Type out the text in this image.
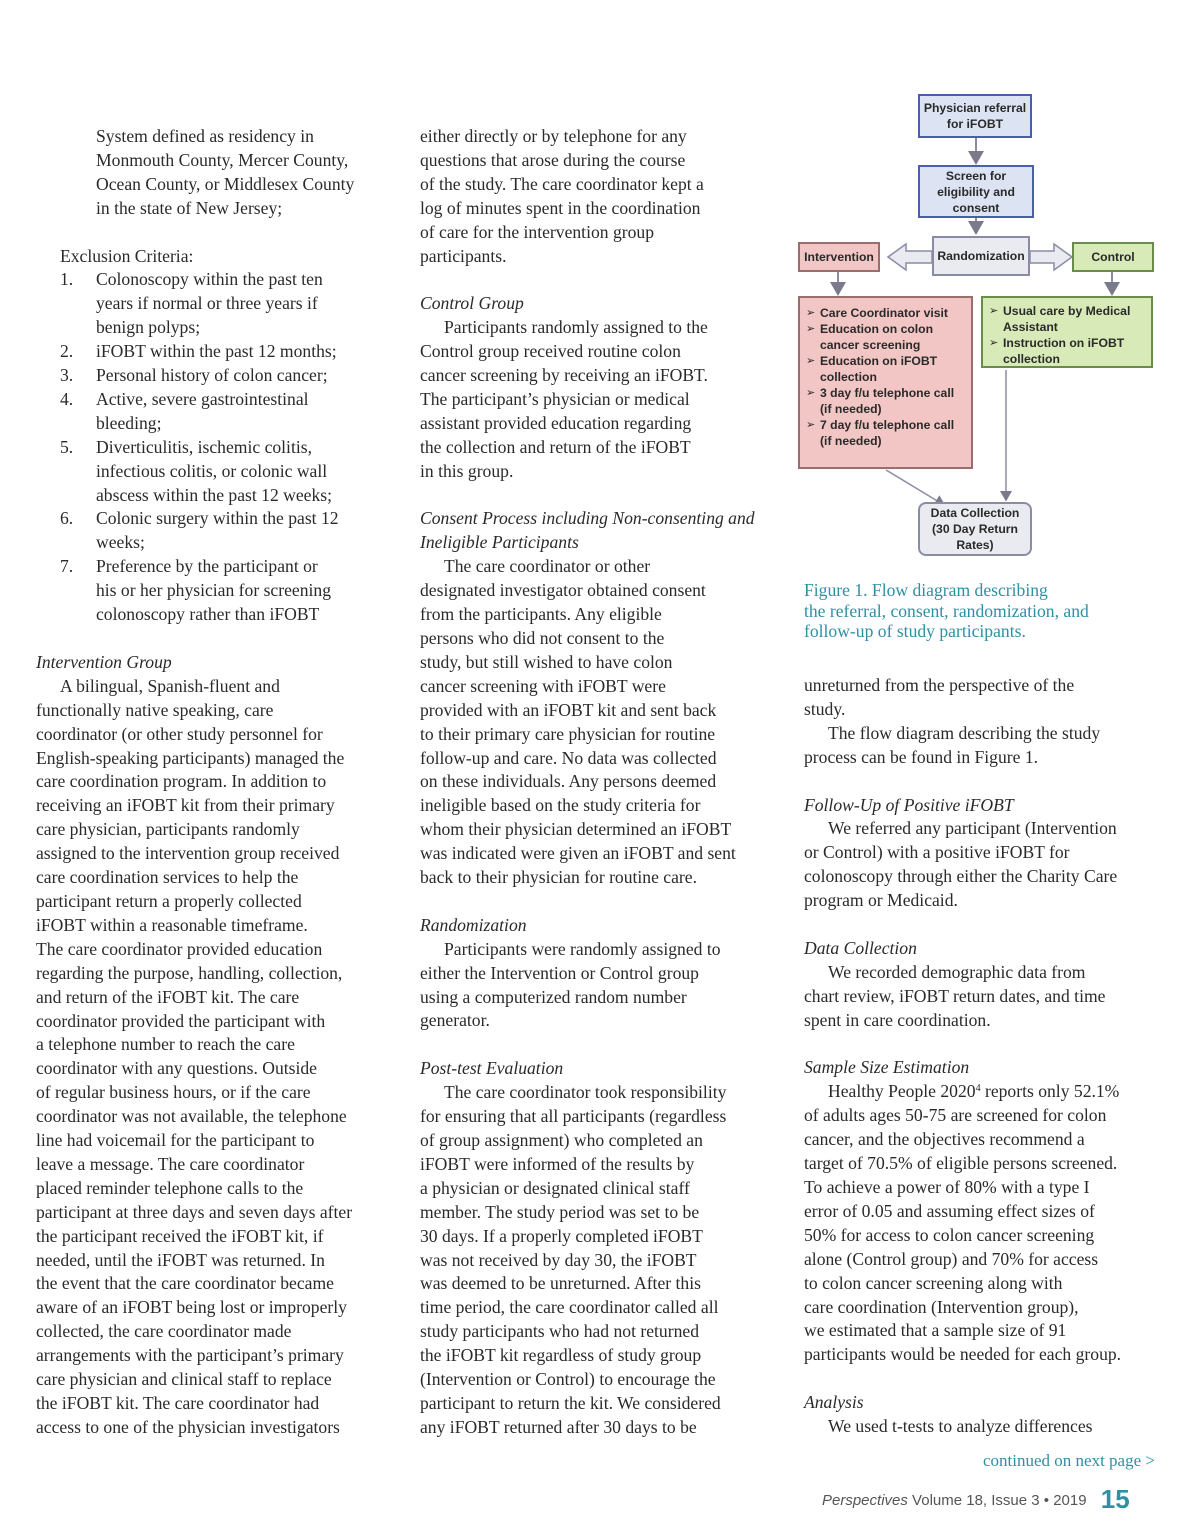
System defined as residency in
Monmouth County, Mercer County,
Ocean County, or Middlesex County
in the state of New Jersey;
Exclusion Criteria:
1. Colonoscopy within the past ten
years if normal or three years if
benign polyps;
2. iFOBT within the past 12 months;
3. Personal history of colon cancer;
4. Active, severe gastrointestinal
bleeding;
5. Diverticulitis, ischemic colitis,
infectious colitis, or colonic wall
abscess within the past 12 weeks;
6. Colonic surgery within the past 12
weeks;
7. Preference by the participant or
his or her physician for screening
colonoscopy rather than iFOBT
Intervention Group
A bilingual, Spanish-fluent and
functionally native speaking, care
coordinator (or other study personnel for
English-speaking participants) managed the
care coordination program. In addition to
receiving an iFOBT kit from their primary
care physician, participants randomly
assigned to the intervention group received
care coordination services to help the
participant return a properly collected
iFOBT within a reasonable timeframe.
The care coordinator provided education
regarding the purpose, handling, collection,
and return of the iFOBT kit. The care
coordinator provided the participant with
a telephone number to reach the care
coordinator with any questions. Outside
of regular business hours, or if the care
coordinator was not available, the telephone
line had voicemail for the participant to
leave a message. The care coordinator
placed reminder telephone calls to the
participant at three days and seven days after
the participant received the iFOBT kit, if
needed, until the iFOBT was returned. In
the event that the care coordinator became
aware of an iFOBT being lost or improperly
collected, the care coordinator made
arrangements with the participant’s primary
care physician and clinical staff to replace
the iFOBT kit. The care coordinator had
access to one of the physician investigators
either directly or by telephone for any
questions that arose during the course
of the study. The care coordinator kept a
log of minutes spent in the coordination
of care for the intervention group
participants.
Control Group
Participants randomly assigned to the
Control group received routine colon
cancer screening by receiving an iFOBT.
The participant’s physician or medical
assistant provided education regarding
the collection and return of the iFOBT
in this group.
Consent Process including Non-consenting and
Ineligible Participants
The care coordinator or other
designated investigator obtained consent
from the participants. Any eligible
persons who did not consent to the
study, but still wished to have colon
cancer screening with iFOBT were
provided with an iFOBT kit and sent back
to their primary care physician for routine
follow-up and care. No data was collected
on these individuals. Any persons deemed
ineligible based on the study criteria for
whom their physician determined an iFOBT
was indicated were given an iFOBT and sent
back to their physician for routine care.
Randomization
Participants were randomly assigned to
either the Intervention or Control group
using a computerized random number
generator.
Post-test Evaluation
The care coordinator took responsibility
for ensuring that all participants (regardless
of group assignment) who completed an
iFOBT were informed of the results by
a physician or designated clinical staff
member. The study period was set to be
30 days. If a properly completed iFOBT
was not received by day 30, the iFOBT
was deemed to be unreturned. After this
time period, the care coordinator called all
study participants who had not returned
the iFOBT kit regardless of study group
(Intervention or Control) to encourage the
participant to return the kit. We considered
any iFOBT returned after 30 days to be
Physician referral
for iFOBT
Screen for
eligibility and
consent
Intervention	Randomization	Control
➢ Care Coordinator visit
➢ Education on colon
cancer screening
➢ Education on iFOBT
collection
➢ 3 day f/u telephone call
(if needed)
➢ 7 day f/u telephone call
(if needed)
➢ Usual care by Medical
Assistant
➢ Instruction on iFOBT
collection
Data Collection
(30 Day Return
Rates)
Figure 1. Flow diagram describing
the referral, consent, randomization, and
follow-up of study participants.
unreturned from the perspective of the
study.
The flow diagram describing the study
process can be found in Figure 1.
Follow-Up of Positive iFOBT
We referred any participant (Intervention
or Control) with a positive iFOBT for
colonoscopy through either the Charity Care
program or Medicaid.
Data Collection
We recorded demographic data from
chart review, iFOBT return dates, and time
spent in care coordination.
Sample Size Estimation
Healthy People 2020$^4$ reports only 52.1%
of adults ages 50-75 are screened for colon
cancer, and the objectives recommend a
target of 70.5% of eligible persons screened.
To achieve a power of 80% with a type I
error of 0.05 and assuming effect sizes of
50% for access to colon cancer screening
alone (Control group) and 70% for access
to colon cancer screening along with
care coordination (Intervention group),
we estimated that a sample size of 91
participants would be needed for each group.
Analysis
We used t-tests to analyze differences
continued on next page >
Perspectives Volume 18, Issue 3 • 2019 15
